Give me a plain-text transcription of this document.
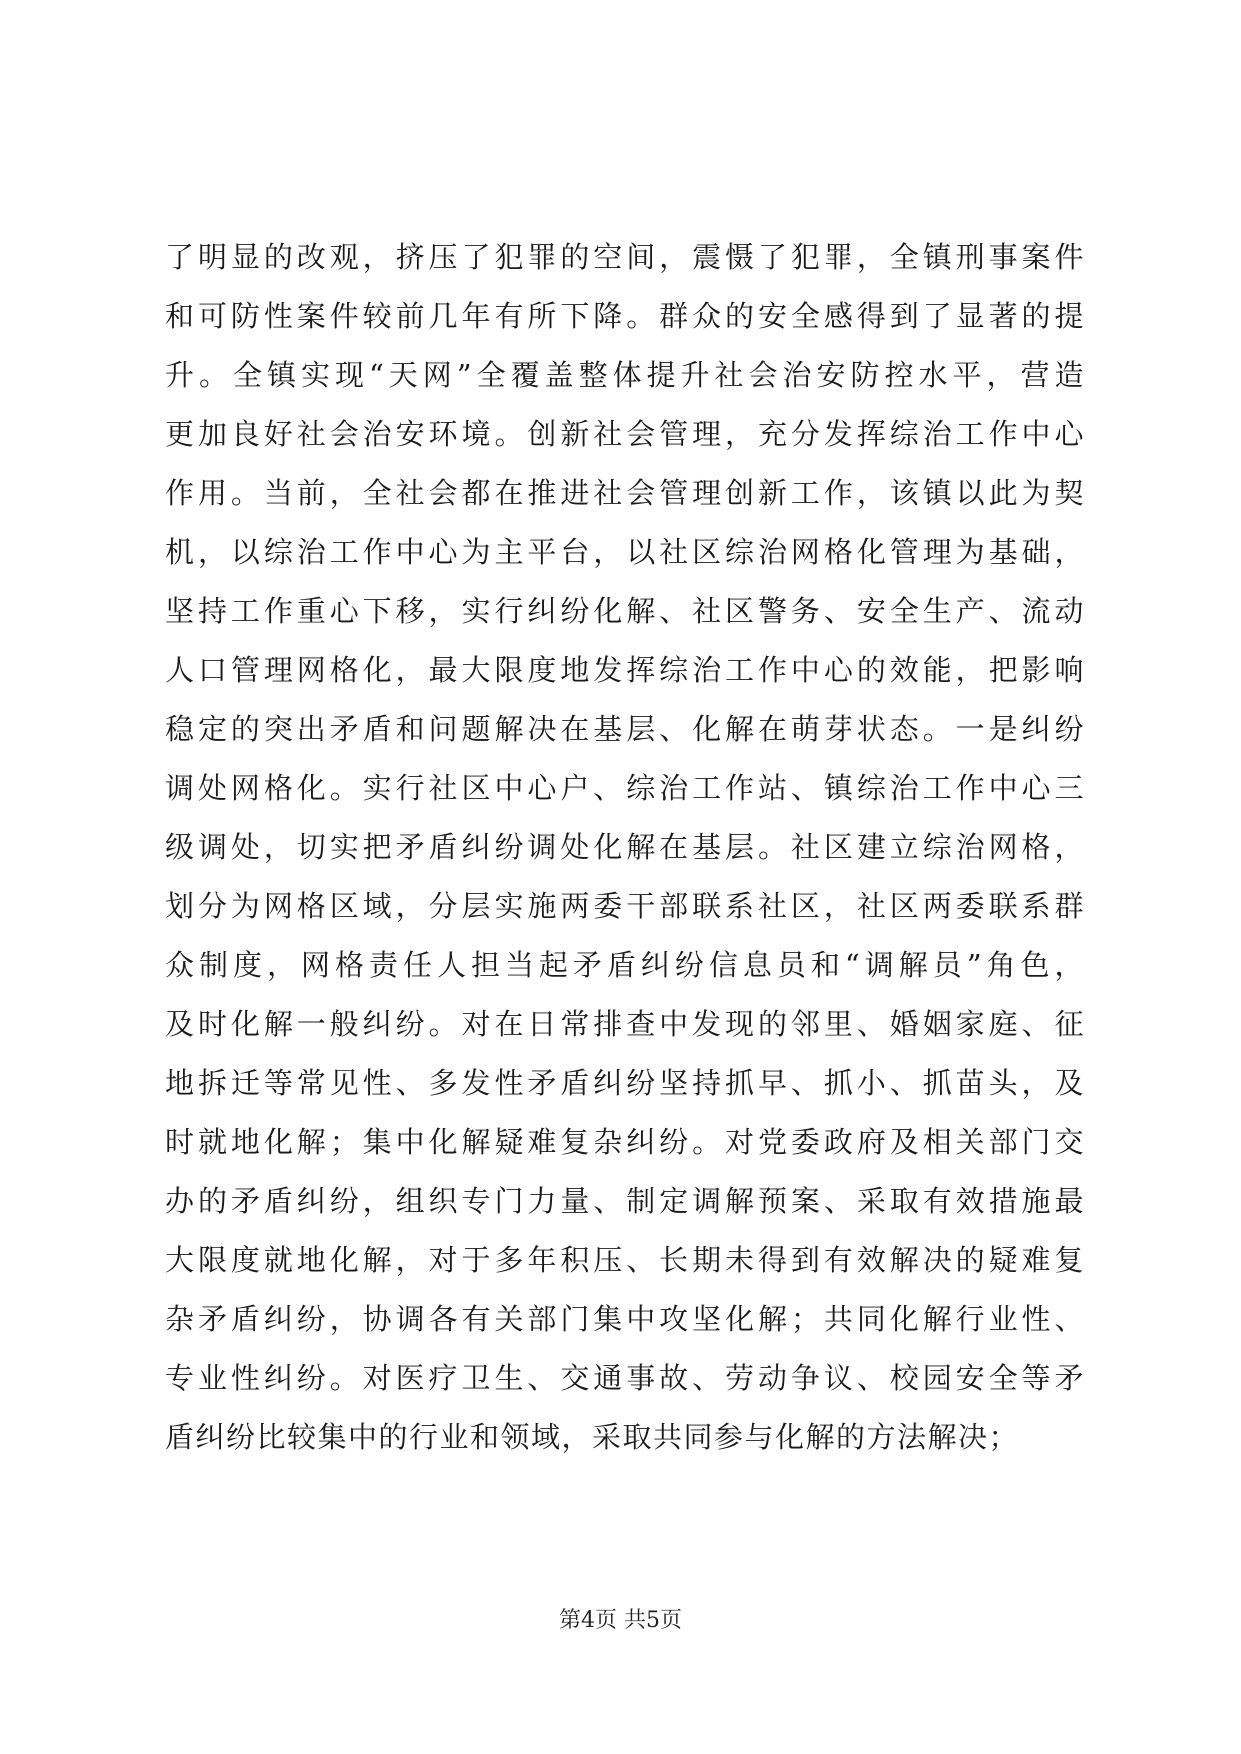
了明显的改观，挤压了犯罪的空间，震慑了犯罪，全镇刑事案件
和可防性案件较前几年有所下降。群众的安全感得到了显著的提
升。全镇实现“天网”全覆盖整体提升社会治安防控水平，营造
更加良好社会治安环境。创新社会管理，充分发挥综治工作中心
作用。当前，全社会都在推进社会管理创新工作，该镇以此为契
机，以综治工作中心为主平台，以社区综治网格化管理为基础，
坚持工作重心下移，实行纠纷化解、社区警务、安全生产、流动
人口管理网格化，最大限度地发挥综治工作中心的效能，把影响
稳定的突出矛盾和问题解决在基层、化解在萌芽状态。一是纠纷
调处网格化。实行社区中心户、综治工作站、镇综治工作中心三
级调处，切实把矛盾纠纷调处化解在基层。社区建立综治网格，
划分为网格区域，分层实施两委干部联系社区，社区两委联系群
众制度，网格责任人担当起矛盾纠纷信息员和“调解员”角色，
及时化解一般纠纷。对在日常排查中发现的邻里、婚姻家庭、征
地拆迁等常见性、多发性矛盾纠纷坚持抓早、抓小、抓苗头，及
时就地化解；集中化解疑难复杂纠纷。对党委政府及相关部门交
办的矛盾纠纷，组织专门力量、制定调解预案、采取有效措施最
大限度就地化解，对于多年积压、长期未得到有效解决的疑难复
杂矛盾纠纷，协调各有关部门集中攻坚化解；共同化解行业性、
专业性纠纷。对医疗卫生、交通事故、劳动争议、校园安全等矛
盾纠纷比较集中的行业和领域，采取共同参与化解的方法解决；
第4页 共5页
